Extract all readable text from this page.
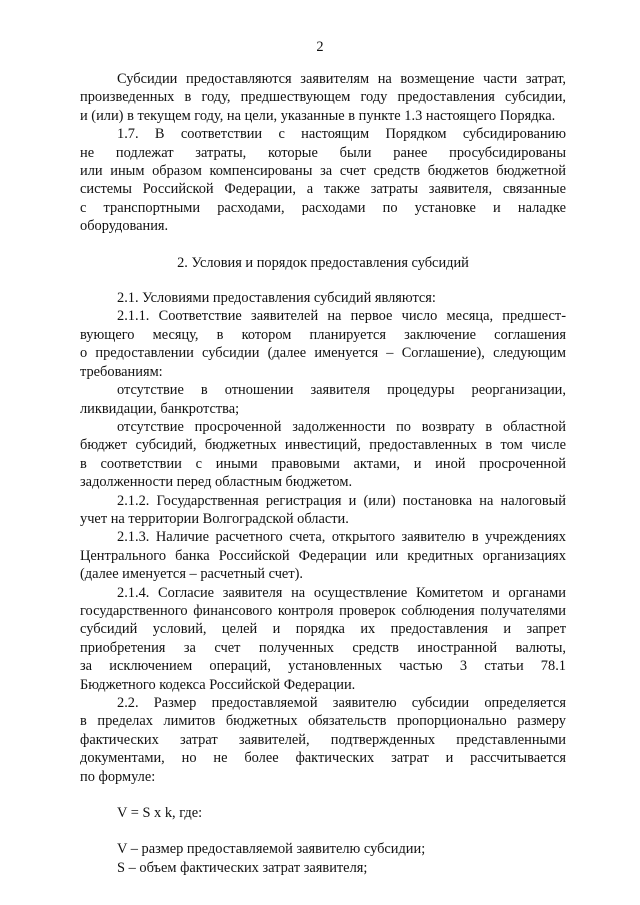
2
Субсидии предоставляются заявителям на возмещение части затрат,
произведенных в году, предшествующем году предоставления субсидии,
и (или) в текущем году, на цели, указанные в пункте 1.3 настоящего Порядка.
1.7. В соответствии с настоящим Порядком субсидированию
не подлежат затраты, которые были ранее просубсидированы
или иным образом компенсированы за счет средств бюджетов бюджетной
системы Российской Федерации, а также затраты заявителя, связанные
с транспортными расходами, расходами по установке и наладке
оборудования.
2. Условия и порядок предоставления субсидий
2.1. Условиями предоставления субсидий являются:
2.1.1. Соответствие заявителей на первое число месяца, предшест-
вующего месяцу, в котором планируется заключение соглашения
о предоставлении субсидии (далее именуется – Соглашение), следующим
требованиям:
отсутствие в отношении заявителя процедуры реорганизации,
ликвидации, банкротства;
отсутствие просроченной задолженности по возврату в областной
бюджет субсидий, бюджетных инвестиций, предоставленных в том числе
в соответствии с иными правовыми актами, и иной просроченной
задолженности перед областным бюджетом.
2.1.2. Государственная регистрация и (или) постановка на налоговый
учет на территории Волгоградской области.
2.1.3. Наличие расчетного счета, открытого заявителю в учреждениях
Центрального банка Российской Федерации или кредитных организациях
(далее именуется – расчетный счет).
2.1.4. Согласие заявителя на осуществление Комитетом и органами
государственного финансового контроля проверок соблюдения получателями
субсидий условий, целей и порядка их предоставления и запрет
приобретения за счет полученных средств иностранной валюты,
за исключением операций, установленных частью 3 статьи 78.1
Бюджетного кодекса Российской Федерации.
2.2. Размер предоставляемой заявителю субсидии определяется
в пределах лимитов бюджетных обязательств пропорционально размеру
фактических затрат заявителей, подтвержденных представленными
документами, но не более фактических затрат и рассчитывается
по формуле:
V = S x k, где:
V – размер предоставляемой заявителю субсидии;
S – объем фактических затрат заявителя;
